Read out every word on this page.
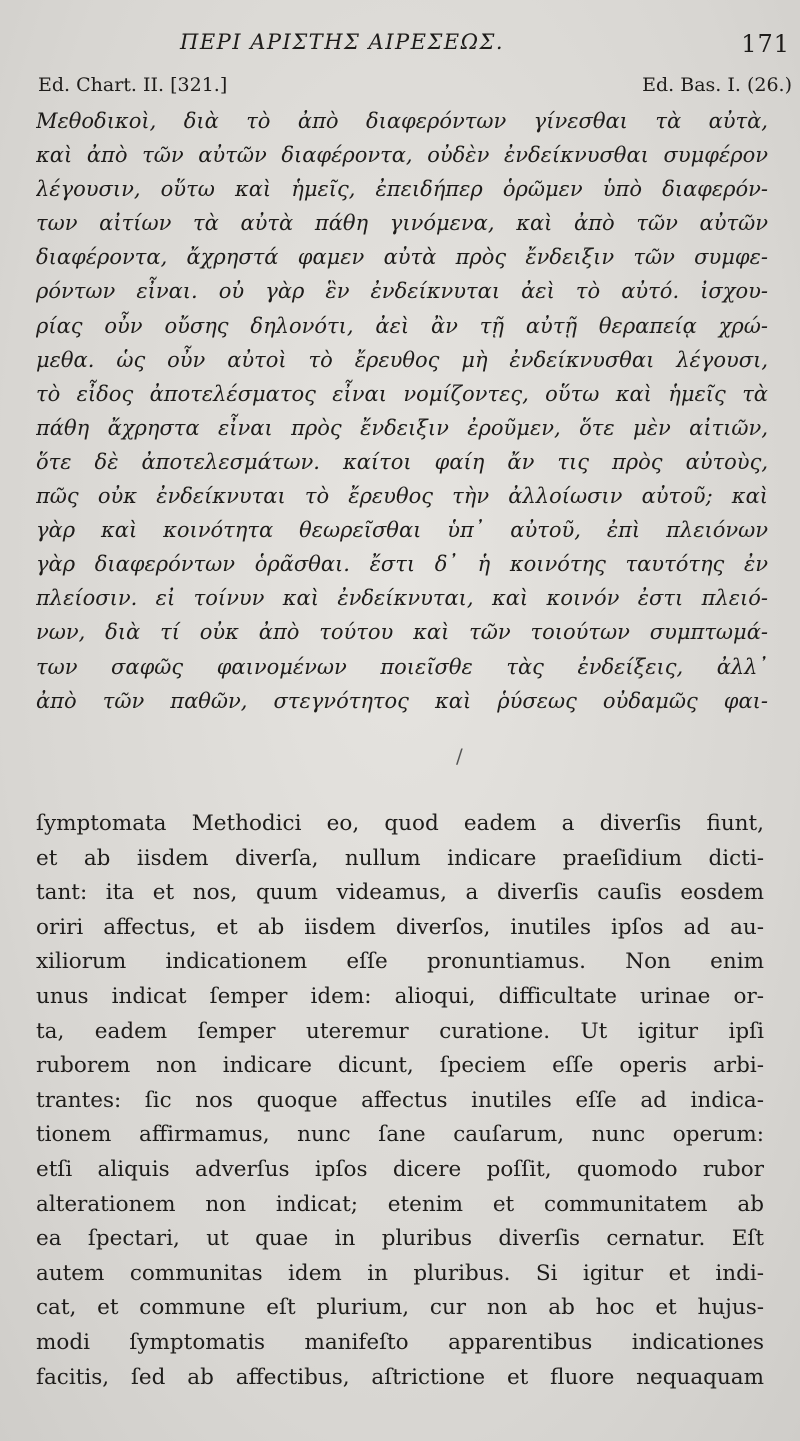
ΠΕΡΙ ΑΡΙΣΤΗΣ ΑΙΡΕΣΕΩΣ.	171
Ed. Chart. II. [321.]	Ed. Bas. I. (26.)
Μεθοδικοὶ, διὰ τὸ ἀπὸ διαφερόντων γίνεσθαι τὰ αὐτὰ,
καὶ ἀπὸ τῶν αὐτῶν διαφέροντα, οὐδὲν ἐνδείκνυσθαι συμφέρον
λέγουσιν, οὕτω καὶ ἡμεῖς, ἐπειδήπερ ὁρῶμεν ὑπὸ διαφερόν-
των αἰτίων τὰ αὐτὰ πάθη γινόμενα, καὶ ἀπὸ τῶν αὐτῶν
διαφέροντα, ἄχρηστά φαμεν αὐτὰ πρὸς ἔνδειξιν τῶν συμφε-
ρόντων εἶναι. οὐ γὰρ ἓν ἐνδείκνυται ἀεὶ τὸ αὐτό. ἰσχου-
ρίας οὖν οὔσης δηλονότι, ἀεὶ ἂν τῇ αὐτῇ θεραπείᾳ χρώ-
μεθα. ὡς οὖν αὐτοὶ τὸ ἔρευθος μὴ ἐνδείκνυσθαι λέγουσι,
τὸ εἶδος ἀποτελέσματος εἶναι νομίζοντες, οὕτω καὶ ἡμεῖς τὰ
πάθη ἄχρηστα εἶναι πρὸς ἔνδειξιν ἐροῦμεν, ὅτε μὲν αἰτιῶν,
ὅτε δὲ ἀποτελεσμάτων. καίτοι φαίη ἄν τις πρὸς αὐτοὺς,
πῶς οὐκ ἐνδείκνυται τὸ ἔρευθος τὴν ἀλλοίωσιν αὐτοῦ; καὶ
γὰρ καὶ κοινότητα θεωρεῖσθαι ὑπ᾽ αὐτοῦ, ἐπὶ πλειόνων
γὰρ διαφερόντων ὁρᾶσθαι. ἔστι δ᾽ ἡ κοινότης ταυτότης ἐν
πλείοσιν. εἰ τοίνυν καὶ ἐνδείκνυται, καὶ κοινόν ἐστι πλειό-
νων, διὰ τί οὐκ ἀπὸ τούτου καὶ τῶν τοιούτων συμπτωμά-
των σαφῶς φαινομένων ποιεῖσθε τὰς ἐνδείξεις, ἀλλ᾽
ἀπὸ τῶν παθῶν, στεγνότητος καὶ ῥύσεως οὐδαμῶς φαι-
/
ſymptomata Methodici eo, quod eadem a diverſis fiunt,
et ab iisdem diverſa, nullum indicare praeſidium dicti-
tant: ita et nos, quum videamus, a diverſis cauſis eosdem
oriri affectus, et ab iisdem diverſos, inutiles ipſos ad au-
xiliorum indicationem eſſe pronuntiamus. Non enim
unus indicat ſemper idem: alioqui, difficultate urinae or-
ta, eadem ſemper uteremur curatione. Ut igitur ipſi
ruborem non indicare dicunt, ſpeciem eſſe operis arbi-
trantes: ſic nos quoque affectus inutiles eſſe ad indica-
tionem affirmamus, nunc ſane cauſarum, nunc operum:
etſi aliquis adverſus ipſos dicere poſſit, quomodo rubor
alterationem non indicat; etenim et communitatem ab
ea ſpectari, ut quae in pluribus diverſis cernatur. Eſt
autem communitas idem in pluribus. Si igitur et indi-
cat, et commune eſt plurium, cur non ab hoc et hujus-
modi ſymptomatis manifeſto apparentibus indicationes
facitis, ſed ab affectibus, aſtrictione et fluore nequaquam
